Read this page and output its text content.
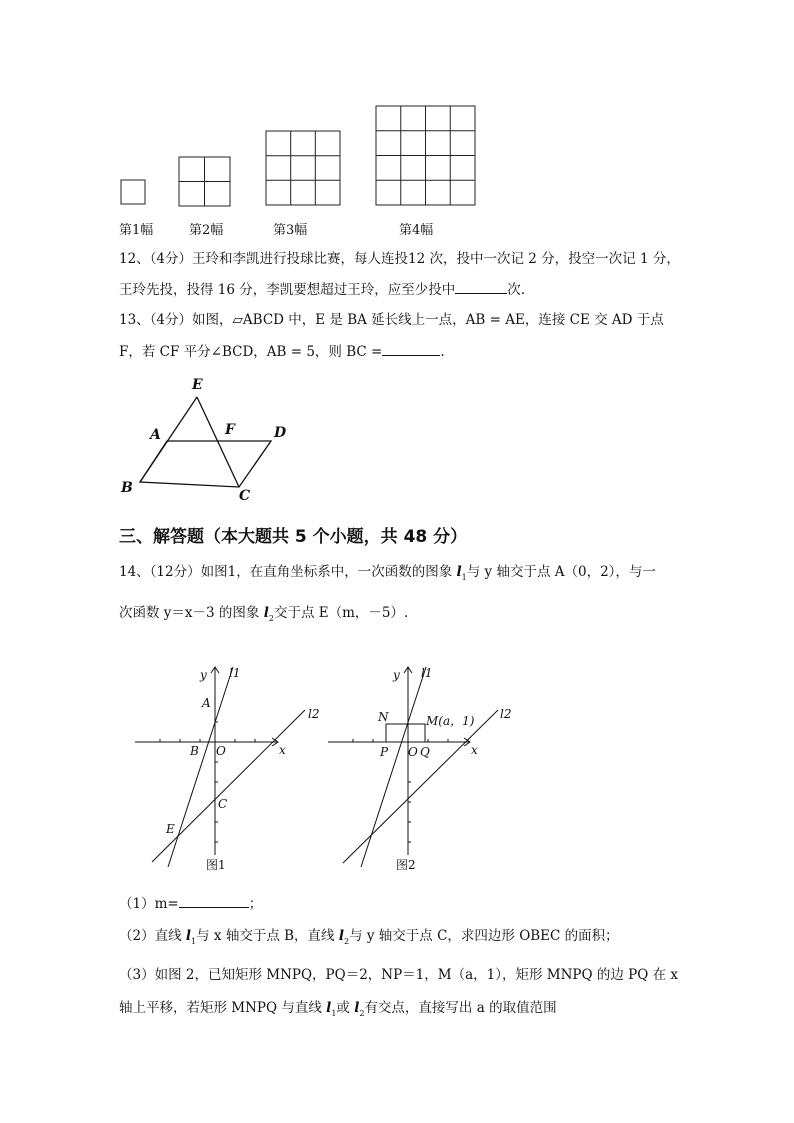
第1幅	第2幅	第3幅	第4幅
12、（4分）王玲和李凯进行投球比赛，每人连投12 次，投中一次记 2 分，投空一次记 1 分，
王玲先投，投得 16 分，李凯要想超过王玲，应至少投中	次.
13、（4分）如图，▱ABCD 中，E 是 BA 延长线上一点，AB = AE，连接 CE 交 AD 于点
F，若 CF 平分∠BCD，AB = 5，则 BC =	.
E
A	F	D
B	C
三、解答题（本大题共 5 个小题，共 48 分）
14、（12分）如图1，在直角坐标系中，一次函数的图象 $l_1$与 y 轴交于点 A（0，2），与一
次函数 y＝x－3 的图象 $l_2$交于点 E（m，－5）.
y l1
l2
A
B O	x
C
E
图1
y l1
l2
N	M(a，1)
P O Q	x
图2
（1）m=	；
（2）直线 $l_1$与 x 轴交于点 B，直线 $l_2$与 y 轴交于点 C，求四边形 OBEC 的面积；
（3）如图 2，已知矩形 MNPQ，PQ＝2，NP＝1，M（a，1），矩形 MNPQ 的边 PQ 在 x
轴上平移，若矩形 MNPQ 与直线 $l_1$或 $l_2$有交点，直接写出 a 的取值范围
